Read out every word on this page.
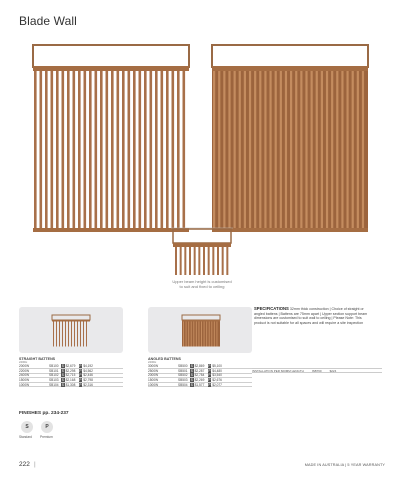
Blade Wall
Upper beam height is customised
to suit and fixed to ceiling
SPECIFICATIONS 32mm thick construction | Choice of straight or angled battens | Battens are 75mm apart | Upper section support beam dimensions are customised to suit wall to ceiling | Please Note: This product is not suitable for all spaces and will require a site inspection
STRAIGHT BATTENS
2400H
2000W	SB100 S $2,679	P $4,192
2200W	SB101 S $2,298	P $4,562
2400W	SB102 S $2,715	P $2,446
1500W	SB103 S $2,168	P $2,798
1000W	SB104 S $1,308	P $2,316
ANGLED BATTENS
2400H
3000W	SB500 S $2,869	P $5,100
2500W	SB501 S $2,287	P $4,480
2000W	SB502 S $2,784	P $3,540
1500W	SB503 S $2,269	P $2,676
1000W	SB504 S $1,577	P $2,077
INSTALLATION PER 600MM LENGTH	ISB760	$224
FINISHES pp. 234-237
S	P
Standard	Premium
222 |	MADE IN AUSTRALIA | 5 YEAR WARRANTY
